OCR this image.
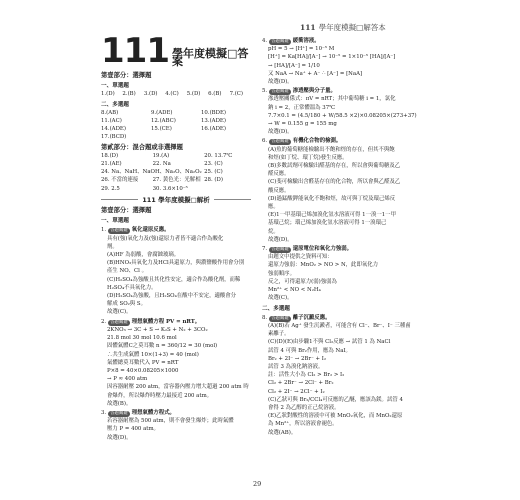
111 學年度模擬□解答本
111 學年度模擬□答案
第壹部分：選擇題
一、單選題
1.(D)	2.(B)	3.(D)	4.(C)	5.(D)	6.(B)	7.(C)
二、多選題
8.(AB)	9.(ADE)	10.(BDE)
11.(AC)	12.(ABC)	13.(ADE)
14.(ADE)	15.(CE)	16.(ADE)
17.(BCD)
第貳部分：混合題或非選擇題
18.(D)	19.(A)	20. 13.7℃
21.(AE)	22. Na	23. (C)
24. Na、NaH、NaOH、Na₂O、Na₂O₂ 25. (C)
26. 不當的連接	27. 黃色光：光解相 28. (D)
29. 2.5	30. 3.6×10⁻⁵
111 學年度模擬□解析
第壹部分：選擇題
一、單選題
1. 答題關鍵 氧化還原反應。
具有(強)氧化力及(強)還原力者皆不適合作為酸化
劑。
(A)HF 為弱酸，會腐蝕玻璃。
(B)HNO₃具氧化力及HCl具還原力，與濃鹽酸作用會分別
產生 NO、Cl 。
(C)H₂SO₄為強酸且其化性安定，適合作為酸化劑，而稀
H₂SO₄不具氧化力。
(D)H₂SO₄為強酸，且H₂SO₄在酸中不安定，適酸會分
解成 SO₂與 S。
故選(C)。
2. 答題關鍵 理想氣體方程 PV = nRT。
2KNO₃ → 3C + S → K₂S + N₂ + 3CO₂
21.8 mol 30 mol 10.6 mol
固體氣體C之莫耳數 n = 360/12 = 30 (mol)
∴共生成氣體 10×(1+3) = 40 (mol)
氣體總莫耳數代入 PV = nRT
P×8 = 40×0.08205×1000
→ P ≈ 400 atm
因容器耐壓 200 atm，當容器內壓力增大超過 200 atm 時
會爆炸，所以爆炸時壓力最接近 200 atm。
故選(B)。
3. 答題關鍵 理想氣體方程式。
若容器耐壓為 500 atm，則不會發生爆炸；此時氣體
壓力 P = 400 atm。
故選(D)。
4. 答題關鍵 緩衝溶液。
pH = 5 → [H⁺] = 10⁻⁵ M
[H⁺] = Ka[HA]/[A⁻] → 10⁻⁵ = 1×10⁻⁵ [HA]/[A⁻]
→ [HA]/[A⁻] = 1/10
又 NaA → Na⁺ + A⁻ ∴ [A⁻] = [NaA]
故選(D)。
5. 答題關鍵 渗透壓與分子量。
滲透壓關係式：πV = nRT；其中葡萄糖 i = 1，氯化
鈉 i = 2，正常體溫為 37℃
7.7×0.1 = (4.5/180 + W/58.5 ×2)×0.08205×(273+37)
→ W = 0.155 g = 155 mg
故選(D)。
6. 答題關鍵 有機化合物的檢測。
(A)魚的葡萄糖能檢驗出不飽和烴的存在，但其不與飽
和烴(如丁烷、環丁烷)發生反應。
(B)多數試劑可檢驗出醛基的存在，所以會與葡萄糖及乙
醛反應。
(C)斐可檢驗出含醛基存在的化合物，所以會與乙醛及乙
酸反應。
(D)過錳酸鉀能氧化不飽和烴，故可與丁烷及環己烯反
應。
(E)1一甲基環己烯加溴化氫水溶液可得 1一溴一1一甲
基環己烷；環己烯加溴化氫水溶液可得 1一溴環己
烷。
故選(D)。
7. 答題關鍵 還原電位和氧化力強弱。
由題文中提供之資料可知：
還原力強弱：MnO₂ > NO > N，此即氧化力
強弱順序。
反之，可得還原力(弱)強弱為
Mn²⁺ < NO < N₂H₄
故選(C)。
二、多選題
8. 答題關鍵 離子沉澱反應。
(A)(B)若 Ag⁺ 發生沉澱者，可能含有 Cl⁻、Br⁻、I⁻ 三種鹵
素離子。
(C)(D)(E)由步驟1不與 Cl₂反應 → 試管 1 為 NaCl
試管 4 可與 Br₂作用，應為 NaI。
Br₂ + 2I⁻ → 2Br⁻ + I₂
試管 3 為溴化鈉溶液。
註：活性大小為 Cl₂ > Br₂ > I₂
Cl₂ + 2Br⁻ → 2Cl⁻ + Br₂
Cl₂ + 2I⁻ → 2Cl⁻ + I₂
(C)乙狀可與 Br₂/CCl₄可反應的乙醚，應該為鎂。試管 4
會得 2 為乙醇的正己烷溶液。
(E)乙狀對酸性的溶液中可被 MnO₂氧化，而 MnO₂還原
為 Mn²⁺，所以溶液會褪色。
故選(AB)。
29
